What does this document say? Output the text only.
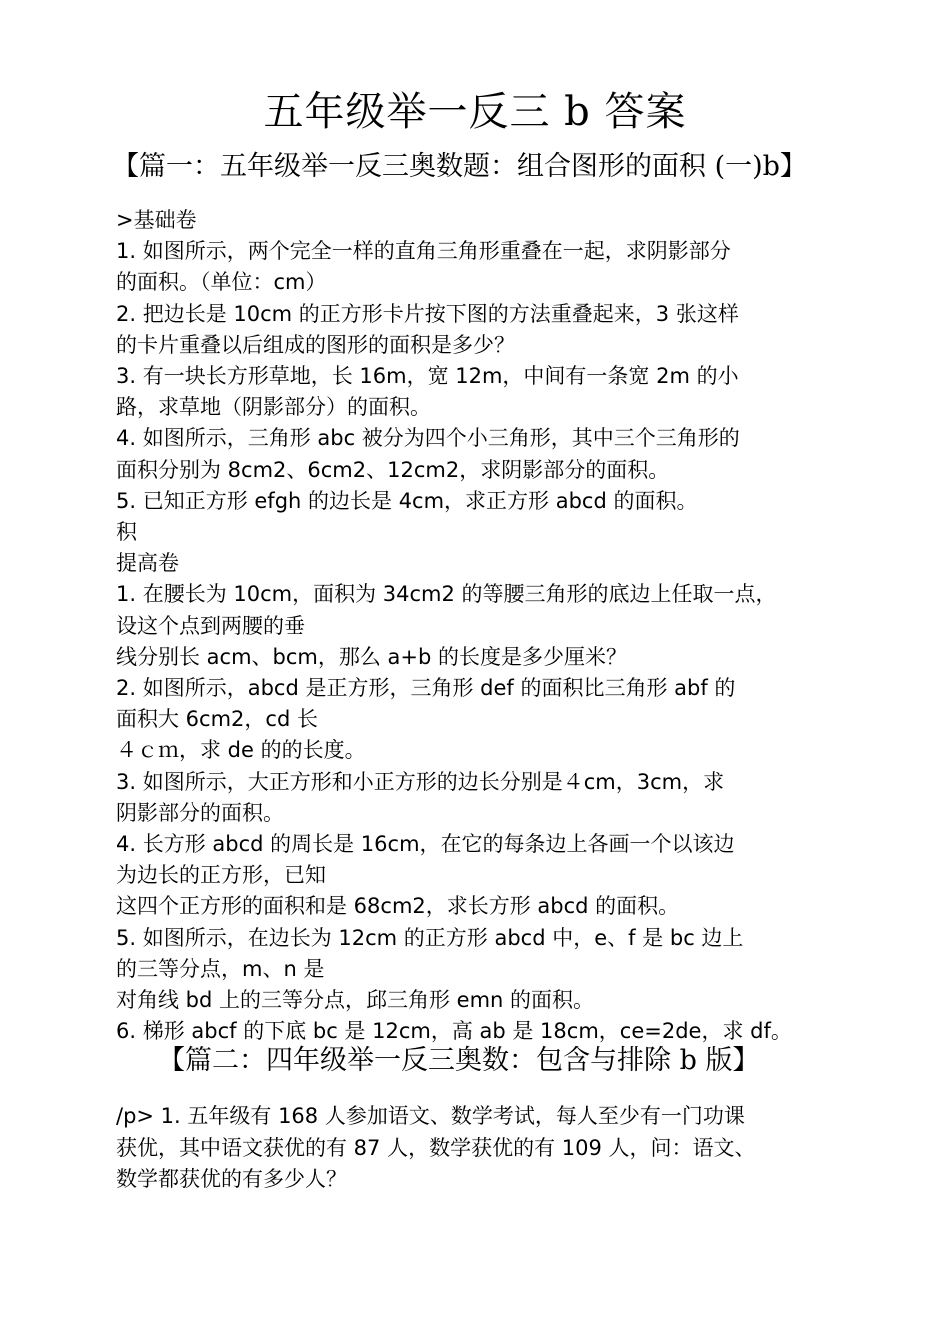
五年级举一反三 b 答案
【篇一：五年级举一反三奥数题：组合图形的面积 (一)b】
>基础卷
1. 如图所示，两个完全一样的直角三角形重叠在一起，求阴影部分
的面积。（单位：cm）
2. 把边长是 10cm 的正方形卡片按下图的方法重叠起来，3 张这样
的卡片重叠以后组成的图形的面积是多少？
3. 有一块长方形草地，长 16m，宽 12m，中间有一条宽 2m 的小
路，求草地（阴影部分）的面积。
4. 如图所示，三角形 abc 被分为四个小三角形，其中三个三角形的
面积分别为 8cm2、6cm2、12cm2，求阴影部分的面积。
5. 已知正方形 efgh 的边长是 4cm，求正方形 abcd 的面积。
积
提高卷
1. 在腰长为 10cm，面积为 34cm2 的等腰三角形的底边上任取一点，
设这个点到两腰的垂
线分别长 acm、bcm，那么 a+b 的长度是多少厘米？
2. 如图所示，abcd 是正方形，三角形 def 的面积比三角形 abf 的
面积大 6cm2，cd 长
４ｃｍ，求 de 的的长度。
3. 如图所示，大正方形和小正方形的边长分别是４cm，3cm，求
阴影部分的面积。
4. 长方形 abcd 的周长是 16cm，在它的每条边上各画一个以该边
为边长的正方形，已知
这四个正方形的面积和是 68cm2，求长方形 abcd 的面积。
5. 如图所示，在边长为 12cm 的正方形 abcd 中，e、f 是 bc 边上
的三等分点，m、n 是
对角线 bd 上的三等分点，邱三角形 emn 的面积。
6. 梯形 abcf 的下底 bc 是 12cm，高 ab 是 18cm，ce=2de，求 df。
【篇二：四年级举一反三奥数：包含与排除 b 版】
/p> 1. 五年级有 168 人参加语文、数学考试，每人至少有一门功课
获优，其中语文获优的有 87 人，数学获优的有 109 人，问：语文、
数学都获优的有多少人？
